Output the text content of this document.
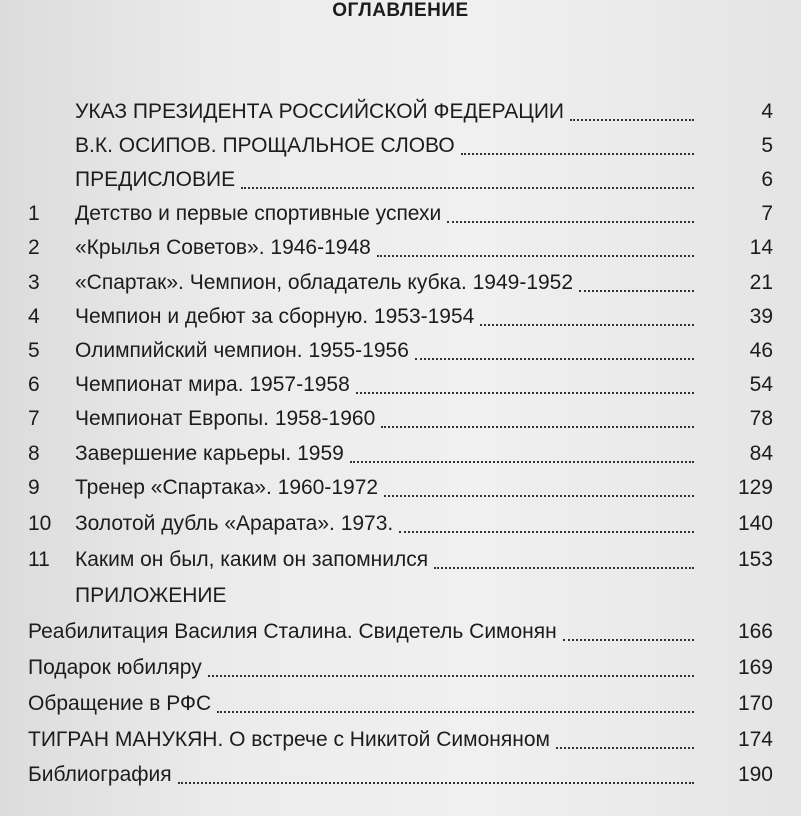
ОГЛАВЛЕНИЕ
УКАЗ ПРЕЗИДЕНТА РОССИЙСКОЙ ФЕДЕРАЦИИ	4
В.К. ОСИПОВ. ПРОЩАЛЬНОЕ СЛОВО	5
ПРЕДИСЛОВИЕ	6
1	Детство и первые спортивные успехи	7
2	«Крылья Советов». 1946-1948	14
3	«Спартак». Чемпион, обладатель кубка. 1949-1952	21
4	Чемпион и дебют за сборную. 1953-1954	39
5	Олимпийский чемпион. 1955-1956	46
6	Чемпионат мира. 1957-1958	54
7	Чемпионат Европы. 1958-1960	78
8	Завершение карьеры. 1959	84
9	Тренер «Спартака». 1960-1972	129
10	Золотой дубль «Арарата». 1973.	140
11	Каким он был, каким он запомнился	153
ПРИЛОЖЕНИЕ
Реабилитация Василия Сталина. Свидетель Симонян	166
Подарок юбиляру	169
Обращение в РФС	170
ТИГРАН МАНУКЯН. О встрече с Никитой Симоняном	174
Библиография	190
